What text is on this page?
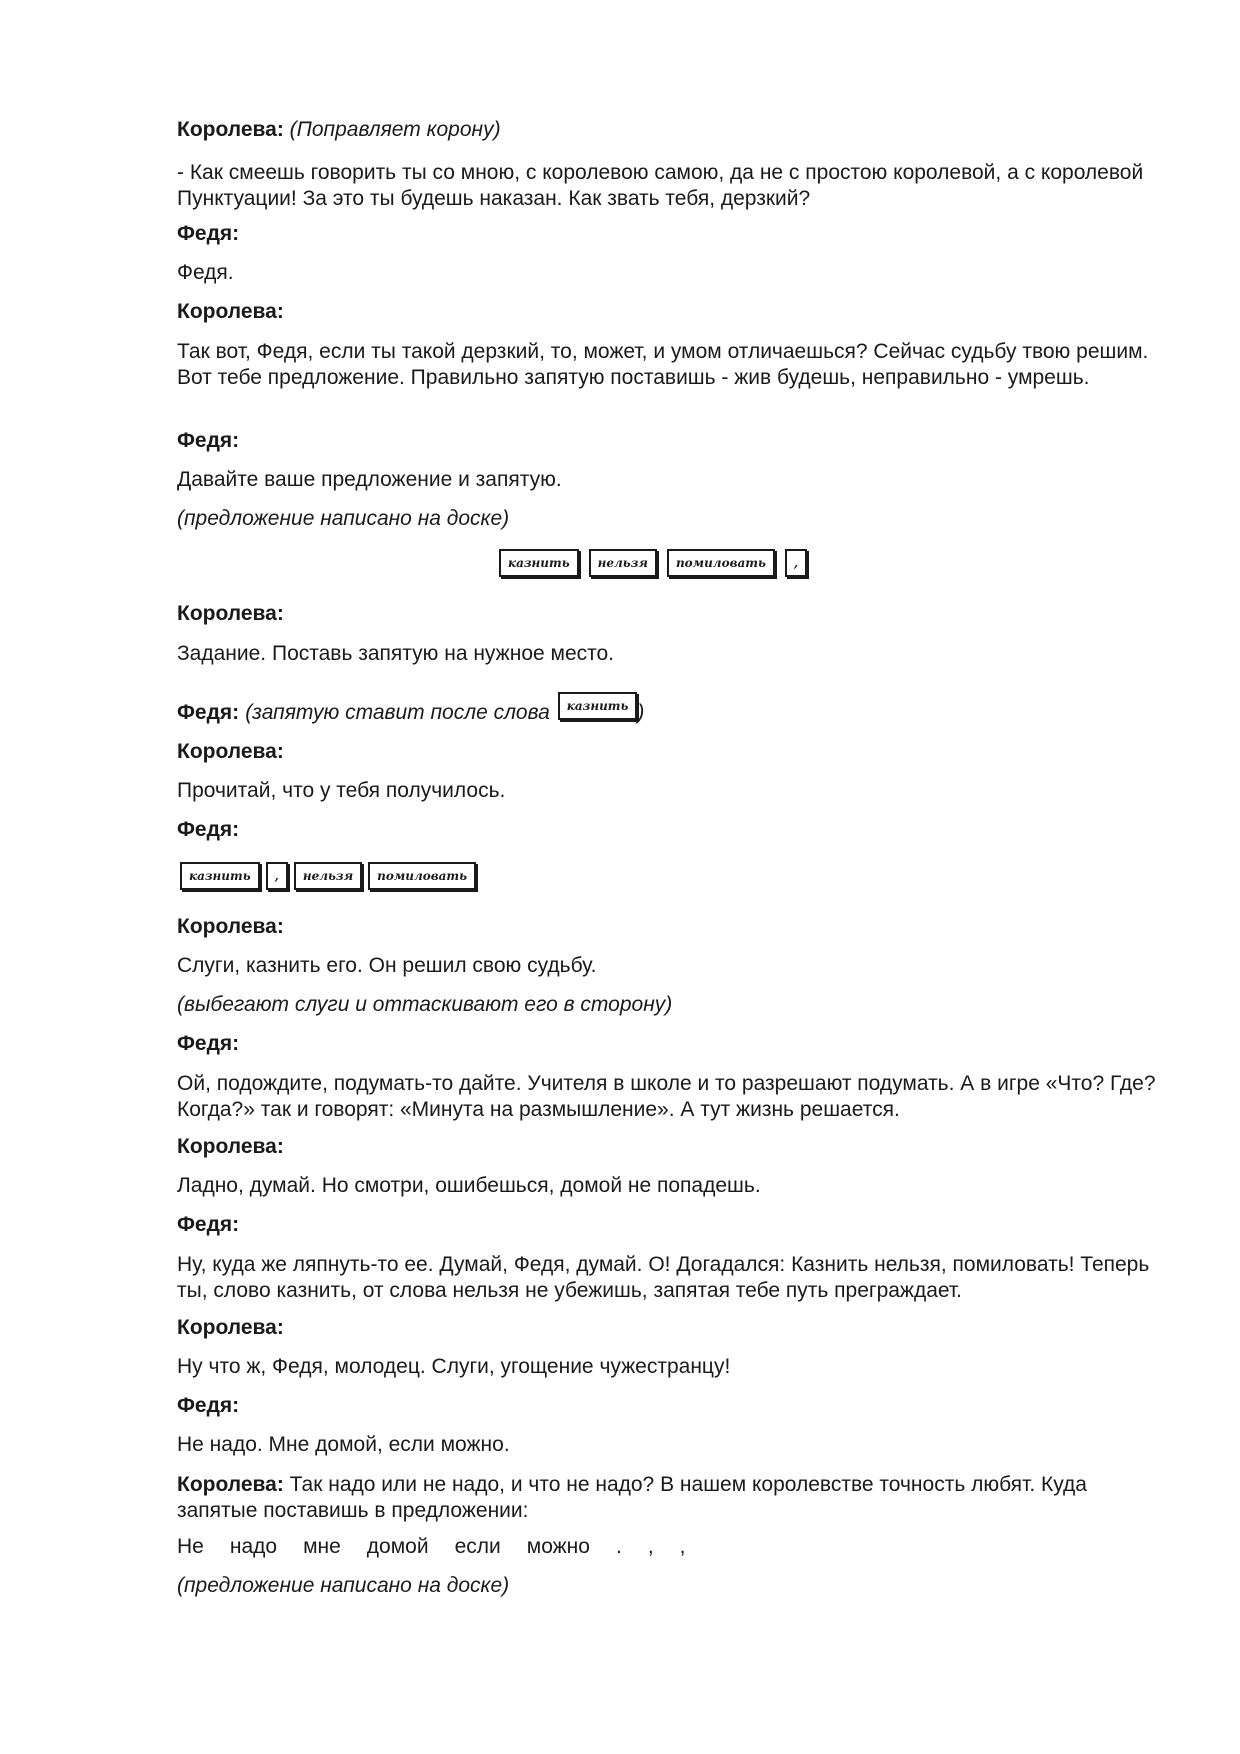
Королева: (Поправляет корону)

- Как смеешь говорить ты со мною, с королевою самою, да не с простою королевой, а с королевой Пунктуации! За это ты будешь наказан. Как звать тебя, дерзкий?

Федя:

Федя.

Королева:

Так вот, Федя, если ты такой дерзкий, то, может, и умом отличаешься? Сейчас судьбу твою решим. Вот тебе предложение. Правильно запятую поставишь - жив будешь, неправильно - умрешь.

Федя:

Давайте ваше предложение и запятую.

(предложение написано на доске)

казнить	нельзя	помиловать	,

Королева:

Задание. Поставь запятую на нужное место.

Федя: (запятую ставит после слова	казнить )

Королева:

Прочитай, что у тебя получилось.

Федя:

казнить	,	нельзя	помиловать

Королева:

Слуги, казнить его. Он решил свою судьбу.

(выбегают слуги и оттаскивают его в сторону)

Федя:

Ой, подождите, подумать-то дайте. Учителя в школе и то разрешают подумать. А в игре «Что? Где? Когда?» так и говорят: «Минута на размышление». А тут жизнь решается.

Королева:

Ладно, думай. Но смотри, ошибешься, домой не попадешь.

Федя:

Ну, куда же ляпнуть-то ее. Думай, Федя, думай. О! Догадался: Казнить нельзя, помиловать! Теперь ты, слово казнить, от слова нельзя не убежишь, запятая тебе путь преграждает.

Королева:

Ну что ж, Федя, молодец. Слуги, угощение чужестранцу!

Федя:

Не надо. Мне домой, если можно.

Королева: Так надо или не надо, и что не надо? В нашем королевстве точность любят. Куда запятые поставишь в предложении:

Не надо мне домой если можно . , ,

(предложение написано на доске)
